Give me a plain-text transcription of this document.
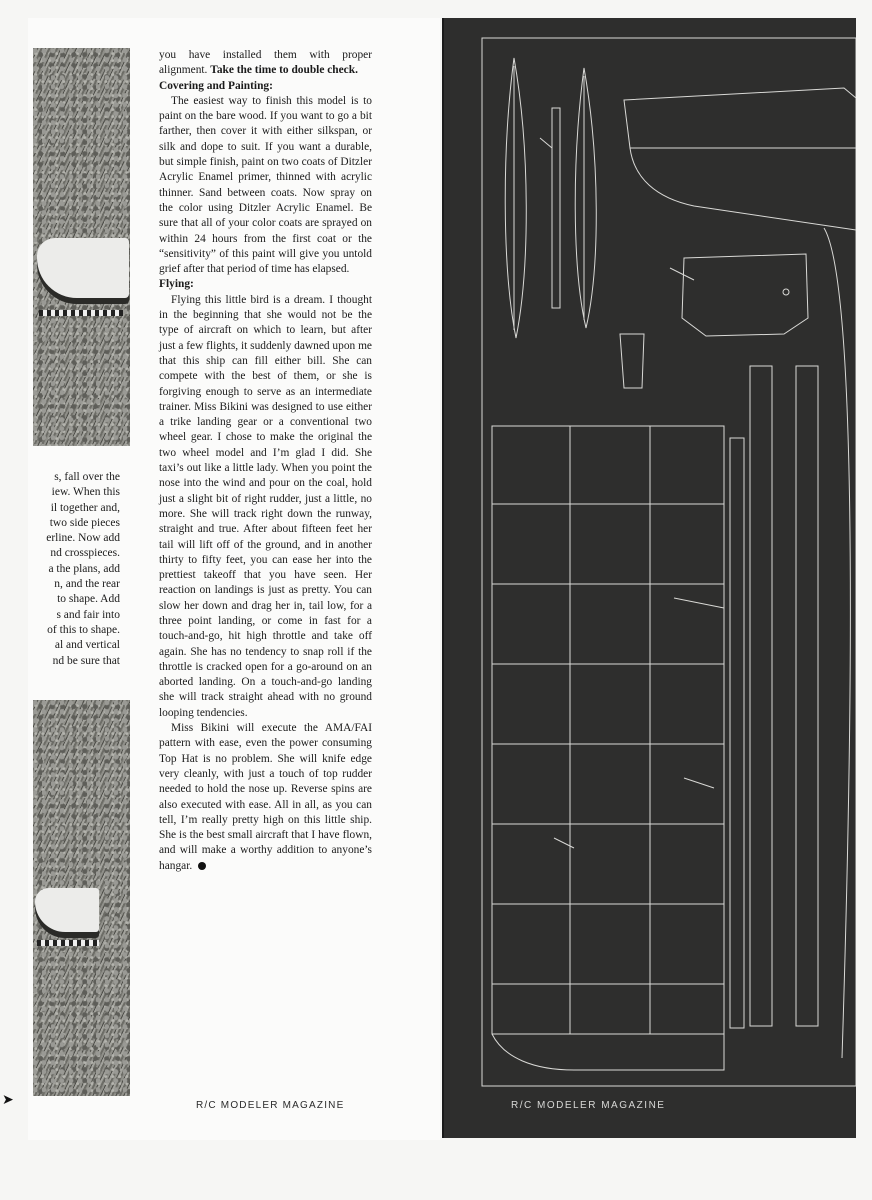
s, fall over the
iew. When this
il together and,
two side pieces
erline. Now add
nd crosspieces.
a the plans, add
n, and the rear
to shape. Add
s and fair into
of this to shape.
al and vertical
nd be sure that

you have installed them with proper alignment. Take the time to double check.

Covering and Painting:

The easiest way to finish this model is to paint on the bare wood. If you want to go a bit farther, then cover it with either silkspan, or silk and dope to suit. If you want a durable, but simple finish, paint on two coats of Ditzler Acrylic Enamel primer, thinned with acrylic thinner. Sand between coats. Now spray on the color using Ditzler Acrylic Enamel. Be sure that all of your color coats are sprayed on within 24 hours from the first coat or the “sensitivity” of this paint will give you untold grief after that period of time has elapsed.

Flying:

Flying this little bird is a dream. I thought in the beginning that she would not be the type of aircraft on which to learn, but after just a few flights, it suddenly dawned upon me that this ship can fill either bill. She can compete with the best of them, or she is forgiving enough to serve as an intermediate trainer. Miss Bikini was designed to use either a trike landing gear or a conventional two wheel gear. I chose to make the original the two wheel model and I’m glad I did. She taxi’s out like a little lady. When you point the nose into the wind and pour on the coal, hold just a slight bit of right rudder, just a little, no more. She will track right down the runway, straight and true. After about fifteen feet her tail will lift off of the ground, and in another thirty to fifty feet, you can ease her into the prettiest takeoff that you have seen. Her reaction on landings is just as pretty. You can slow her down and drag her in, tail low, for a three point landing, or come in fast for a touch-and-go, hit high throttle and take off again. She has no tendency to snap roll if the throttle is cracked open for a go-around on an aborted landing. On a touch-and-go landing she will track straight ahead with no ground looping tendencies.

Miss Bikini will execute the AMA/FAI pattern with ease, even the power consuming Top Hat is no problem. She will knife edge very cleanly, with just a touch of top rudder needed to hold the nose up. Reverse spins are also executed with ease. All in all, as you can tell, I’m really pretty high on this little ship. She is the best small aircraft that I have flown, and will make a worthy addition to anyone’s hangar.

R/C MODELER MAGAZINE	R/C MODELER MAGAZINE
➤
